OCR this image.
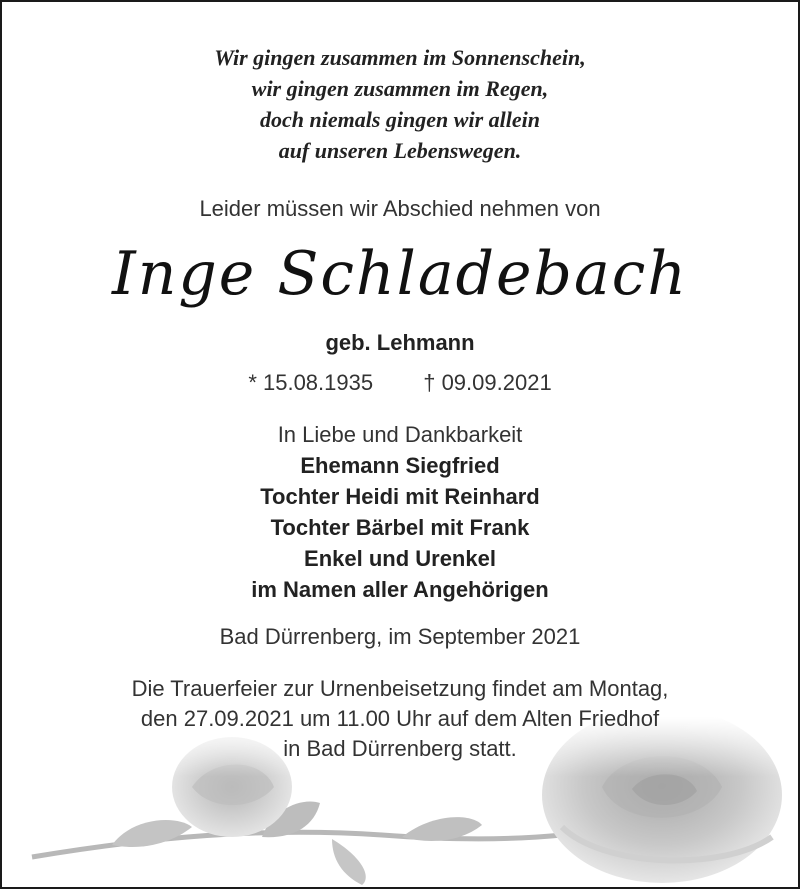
Wir gingen zusammen im Sonnenschein,
wir gingen zusammen im Regen,
doch niemals gingen wir allein
auf unseren Lebenswegen.
Leider müssen wir Abschied nehmen von
Inge Schladebach
geb. Lehmann
* 15.08.1935 † 09.09.2021
In Liebe und Dankbarkeit
Ehemann Siegfried
Tochter Heidi mit Reinhard
Tochter Bärbel mit Frank
Enkel und Urenkel
im Namen aller Angehörigen
Bad Dürrenberg, im September 2021
Die Trauerfeier zur Urnenbeisetzung findet am Montag,
den 27.09.2021 um 11.00 Uhr auf dem Alten Friedhof
in Bad Dürrenberg statt.
